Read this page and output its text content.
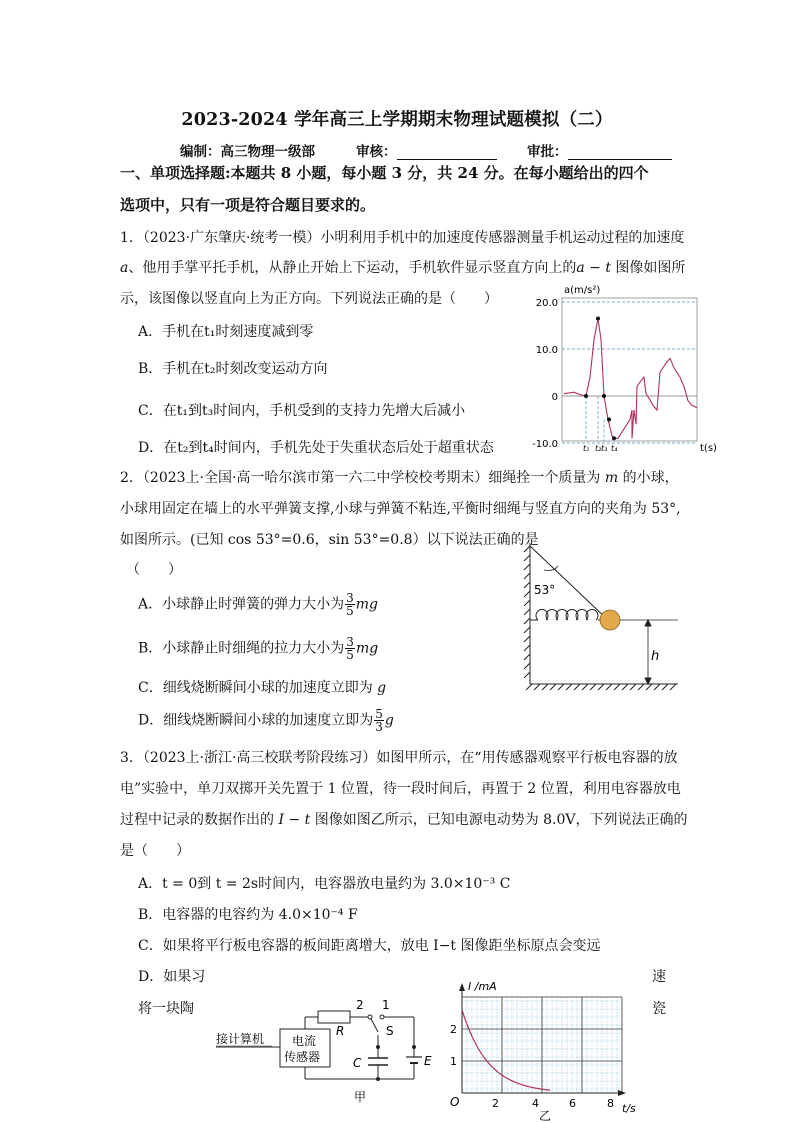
2023-2024 学年高三上学期期末物理试题模拟（二）
编制：高三物理一级部	审核：	审批：
一、单项选择题:本题共 8 小题，每小题 3 分，共 24 分。在每小题给出的四个
选项中，只有一项是符合题目要求的。
1．（2023·广东肇庆·统考一模）小明利用手机中的加速度传感器测量手机运动过程的加速度
a、他用手掌平托手机，从静止开始上下运动，手机软件显示竖直方向上的a − t 图像如图所
示，该图像以竖直向上为正方向。下列说法正确的是（　　）
A．手机在t₁时刻速度减到零
B．手机在t₂时刻改变运动方向
C．在t₁到t₃时间内，手机受到的支持力先增大后减小
D．在t₂到t₄时间内，手机先处于失重状态后处于超重状态
a(m/s²)
20.0
10.0
0
-10.0	t₁ t₂ t₃ t₄	t(s)
2．（2023上·全国·高一哈尔滨市第一六二中学校校考期末）细绳拴一个质量为 m 的小球，
小球用固定在墙上的水平弹簧支撑,小球与弹簧不粘连,平衡时细绳与竖直方向的夹角为 53°,
如图所示。(已知 cos 53°=0.6，sin 53°=0.8）以下说法正确的是
（　　）
A．小球静止时弹簧的弹力大小为 $\frac{3}{5}$ mg
B．小球静止时细绳的拉力大小为 $\frac{3}{5}$ mg
C．细线烧断瞬间小球的加速度立即为 g
D．细线烧断瞬间小球的加速度立即为 $\frac{5}{3}$ g
53°
h
3．（2023上·浙江·高三校联考阶段练习）如图甲所示，在“用传感器观察平行板电容器的放
电”实验中，单刀双掷开关先置于 1 位置，待一段时间后，再置于 2 位置，利用电容器放电
过程中记录的数据作出的 I − t 图像如图乙所示，已知电源电动势为 8.0V，下列说法正确的
是（　　）
A．t = 0到 t = 2s时间内，电容器放电量约为 3.0×10⁻³ C
B．电容器的电容约为 4.0×10⁻⁴ F
C．如果将平行板电容器的板间距离增大，放电 I−t 图像距坐标原点会变远
D．如果习	速
将一块陶	瓷
接计算机 电流
传感器
R
2 1
S
C	E
甲
I /mA
t/s
O
2
1
2	4	6	8
乙
